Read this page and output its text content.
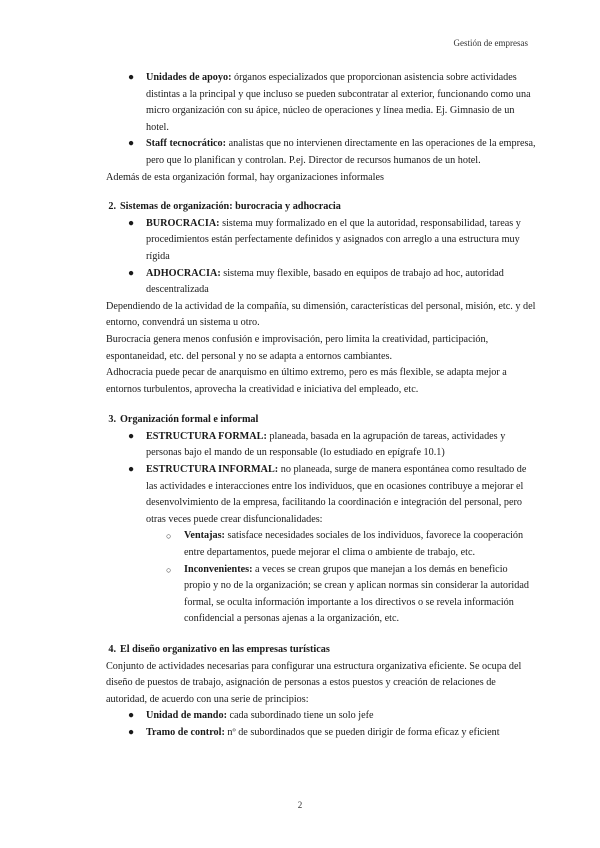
Gestión de empresas
● Unidades de apoyo: órganos especializados que proporcionan asistencia sobre actividades distintas a la principal y que incluso se pueden subcontratar al exterior, funcionando como una micro organización con su ápice, núcleo de operaciones y línea media. Ej. Gimnasio de un hotel.
● Staff tecnocrático: analistas que no intervienen directamente en las operaciones de la empresa, pero que lo planifican y controlan. P.ej. Director de recursos humanos de un hotel.
Además de esta organización formal, hay organizaciones informales
2. Sistemas de organización: burocracia y adhocracia
● BUROCRACIA: sistema muy formalizado en el que la autoridad, responsabilidad, tareas y procedimientos están perfectamente definidos y asignados con arreglo a una estructura muy rígida
● ADHOCRACIA: sistema muy flexible, basado en equipos de trabajo ad hoc, autoridad descentralizada
Dependiendo de la actividad de la compañía, su dimensión, características del personal, misión, etc. y del entorno, convendrá un sistema u otro.
Burocracia genera menos confusión e improvisación, pero limita la creatividad, participación, espontaneidad, etc. del personal y no se adapta a entornos cambiantes.
Adhocracia puede pecar de anarquismo en último extremo, pero es más flexible, se adapta mejor a entornos turbulentos, aprovecha la creatividad e iniciativa del empleado, etc.
3. Organización formal e informal
● ESTRUCTURA FORMAL: planeada, basada en la agrupación de tareas, actividades y personas bajo el mando de un responsable (lo estudiado en epígrafe 10.1)
● ESTRUCTURA INFORMAL: no planeada, surge de manera espontánea como resultado de las actividades e interacciones entre los individuos, que en ocasiones contribuye a mejorar el desenvolvimiento de la empresa, facilitando la coordinación e integración del personal, pero otras veces puede crear disfuncionalidades:
○ Ventajas: satisface necesidades sociales de los individuos, favorece la cooperación entre departamentos, puede mejorar el clima o ambiente de trabajo, etc.
○ Inconvenientes: a veces se crean grupos que manejan a los demás en beneficio propio y no de la organización; se crean y aplican normas sin considerar la autoridad formal, se oculta información importante a los directivos o se revela información confidencial a personas ajenas a la organización, etc.
4. El diseño organizativo en las empresas turísticas
Conjunto de actividades necesarias para configurar una estructura organizativa eficiente. Se ocupa del diseño de puestos de trabajo, asignación de personas a estos puestos y creación de relaciones de autoridad, de acuerdo con una serie de principios:
● Unidad de mando: cada subordinado tiene un solo jefe
● Tramo de control: nº de subordinados que se pueden dirigir de forma eficaz y eficient
2
